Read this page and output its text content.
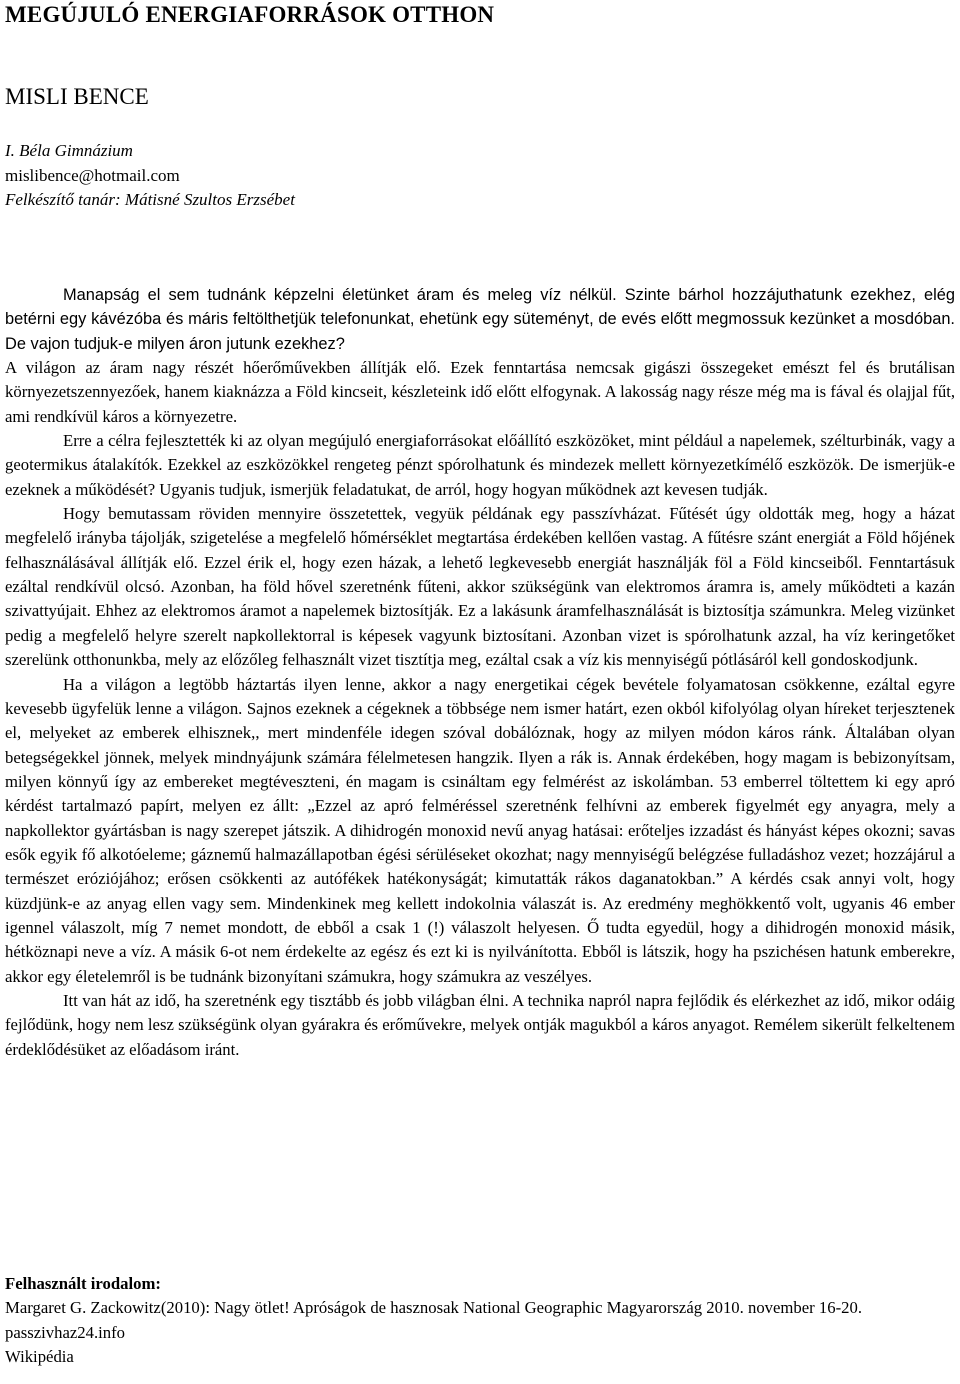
MEGÚJULÓ ENERGIAFORRÁSOK OTTHON
MISLI BENCE
I. Béla Gimnázium
mislibence@hotmail.com
Felkészítő tanár: Mátisné Szultos Erzsébet

Manapság el sem tudnánk képzelni életünket áram és meleg víz nélkül. Szinte bárhol hozzájuthatunk ezekhez, elég betérni egy kávézóba és máris feltölthetjük telefonunkat, ehetünk egy süteményt, de evés előtt megmossuk kezünket a mosdóban. De vajon tudjuk-e milyen áron jutunk ezekhez?

A világon az áram nagy részét hőerőművekben állítják elő. Ezek fenntartása nemcsak gigászi összegeket emészt fel és brutálisan környezetszennyezőek, hanem kiaknázza a Föld kincseit, készleteink idő előtt elfogynak. A lakosság nagy része még ma is fával és olajjal fűt, ami rendkívül káros a környezetre.

Erre a célra fejlesztették ki az olyan megújuló energiaforrásokat előállító eszközöket, mint például a napelemek, szélturbinák, vagy a geotermikus átalakítók. Ezekkel az eszközökkel rengeteg pénzt spórolhatunk és mindezek mellett környezetkímélő eszközök. De ismerjük-e ezeknek a működését? Ugyanis tudjuk, ismerjük feladatukat, de arról, hogy hogyan működnek azt kevesen tudják.

Hogy bemutassam röviden mennyire összetettek, vegyük példának egy passzívházat. Fűtését úgy oldották meg, hogy a házat megfelelő irányba tájolják, szigetelése a megfelelő hőmérséklet megtartása érdekében kellően vastag. A fűtésre szánt energiát a Föld hőjének felhasználásával állítják elő. Ezzel érik el, hogy ezen házak, a lehető legkevesebb energiát használják föl a Föld kincseiből. Fenntartásuk ezáltal rendkívül olcsó. Azonban, ha föld hővel szeretnénk fűteni, akkor szükségünk van elektromos áramra is, amely működteti a kazán szivattyújait. Ehhez az elektromos áramot a napelemek biztosítják. Ez a lakásunk áramfelhasználását is biztosítja számunkra. Meleg vizünket pedig a megfelelő helyre szerelt napkollektorral is képesek vagyunk biztosítani. Azonban vizet is spórolhatunk azzal, ha víz keringetőket szerelünk otthonunkba, mely az előzőleg felhasznált vizet tisztítja meg, ezáltal csak a víz kis mennyiségű pótlásáról kell gondoskodjunk.

Ha a világon a legtöbb háztartás ilyen lenne, akkor a nagy energetikai cégek bevétele folyamatosan csökkenne, ezáltal egyre kevesebb ügyfelük lenne a világon. Sajnos ezeknek a cégeknek a többsége nem ismer határt, ezen okból kifolyólag olyan híreket terjesztenek el, melyeket az emberek elhisznek,, mert mindenféle idegen szóval dobálóznak, hogy az milyen módon káros ránk. Általában olyan betegségekkel jönnek, melyek mindnyájunk számára félelmetesen hangzik. Ilyen a rák is. Annak érdekében, hogy magam is bebizonyítsam, milyen könnyű így az embereket megtéveszteni, én magam is csináltam egy felmérést az iskolámban. 53 emberrel töltettem ki egy apró kérdést tartalmazó papírt, melyen ez állt: „Ezzel az apró felméréssel szeretnénk felhívni az emberek figyelmét egy anyagra, mely a napkollektor gyártásban is nagy szerepet játszik. A dihidrogén monoxid nevű anyag hatásai: erőteljes izzadást és hányást képes okozni; savas esők egyik fő alkotóeleme; gáznemű halmazállapotban égési sérüléseket okozhat; nagy mennyiségű belégzése fulladáshoz vezet; hozzájárul a természet eróziójához; erősen csökkenti az autófékek hatékonyságát; kimutatták rákos daganatokban.” A kérdés csak annyi volt, hogy küzdjünk-e az anyag ellen vagy sem. Mindenkinek meg kellett indokolnia válaszát is. Az eredmény meghökkentő volt, ugyanis 46 ember igennel válaszolt, míg 7 nemet mondott, de ebből a csak 1 (!) válaszolt helyesen. Ő tudta egyedül, hogy a dihidrogén monoxid másik, hétköznapi neve a víz. A másik 6-ot nem érdekelte az egész és ezt ki is nyilvánította. Ebből is látszik, hogy ha pszichésen hatunk emberekre, akkor egy életelemről is be tudnánk bizonyítani számukra, hogy számukra az veszélyes.

Itt van hát az idő, ha szeretnénk egy tisztább és jobb világban élni. A technika napról napra fejlődik és elérkezhet az idő, mikor odáig fejlődünk, hogy nem lesz szükségünk olyan gyárakra és erőművekre, melyek ontják magukból a káros anyagot. Remélem sikerült felkeltenem érdeklődésüket az előadásom iránt.

Felhasznált irodalom:
Margaret G. Zackowitz(2010): Nagy ötlet! Apróságok de hasznosak National Geographic Magyarország 2010. november 16-20.
passzivhaz24.info
Wikipédia
